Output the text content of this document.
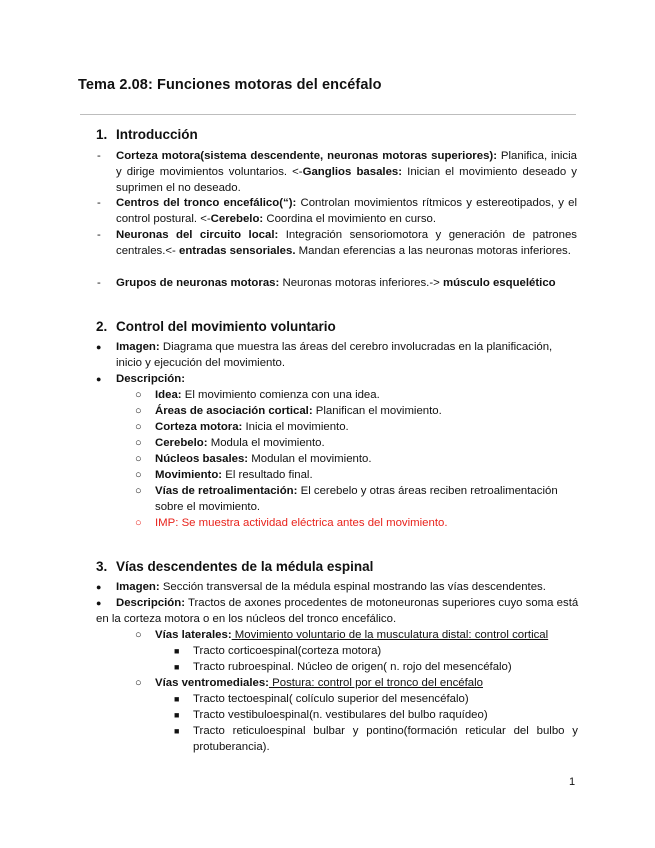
Tema 2.08: Funciones motoras del encéfalo
1. Introducción
- Corteza motora(sistema descendente, neuronas motoras superiores): Planifica, inicia y dirige movimientos voluntarios. <-Ganglios basales: Inician el movimiento deseado y suprimen el no deseado.
- Centros del tronco encefálico(“): Controlan movimientos rítmicos y estereotipados, y el control postural. <-Cerebelo: Coordina el movimiento en curso.
- Neuronas del circuito local: Integración sensoriomotora y generación de patrones centrales.<- entradas sensoriales. Mandan eferencias a las neuronas motoras inferiores.
- Grupos de neuronas motoras: Neuronas motoras inferiores.-> músculo esquelético
2. Control del movimiento voluntario
● Imagen: Diagrama que muestra las áreas del cerebro involucradas en la planificación, inicio y ejecución del movimiento.
● Descripción:
○ Idea: El movimiento comienza con una idea.
○ Áreas de asociación cortical: Planifican el movimiento.
○ Corteza motora: Inicia el movimiento.
○ Cerebelo: Modula el movimiento.
○ Núcleos basales: Modulan el movimiento.
○ Movimiento: El resultado final.
○ Vías de retroalimentación: El cerebelo y otras áreas reciben retroalimentación sobre el movimiento.
○ IMP: Se muestra actividad eléctrica antes del movimiento.
3. Vías descendentes de la médula espinal
● Imagen: Sección transversal de la médula espinal mostrando las vías descendentes.
●	Descripción: Tractos de axones procedentes de motoneuronas superiores cuyo soma está en la corteza motora o en los núcleos del tronco encefálico.
○ Vías laterales: Movimiento voluntario de la musculatura distal: control cortical
■ Tracto corticoespinal(corteza motora)
■ Tracto rubroespinal. Núcleo de origen( n. rojo del mesencéfalo)
○ Vías ventromediales: Postura: control por el tronco del encéfalo
■ Tracto tectoespinal( colículo superior del mesencéfalo)
■ Tracto vestibuloespinal(n. vestibulares del bulbo raquídeo)
■ Tracto reticuloespinal bulbar y pontino(formación reticular del bulbo y protuberancia).
1
